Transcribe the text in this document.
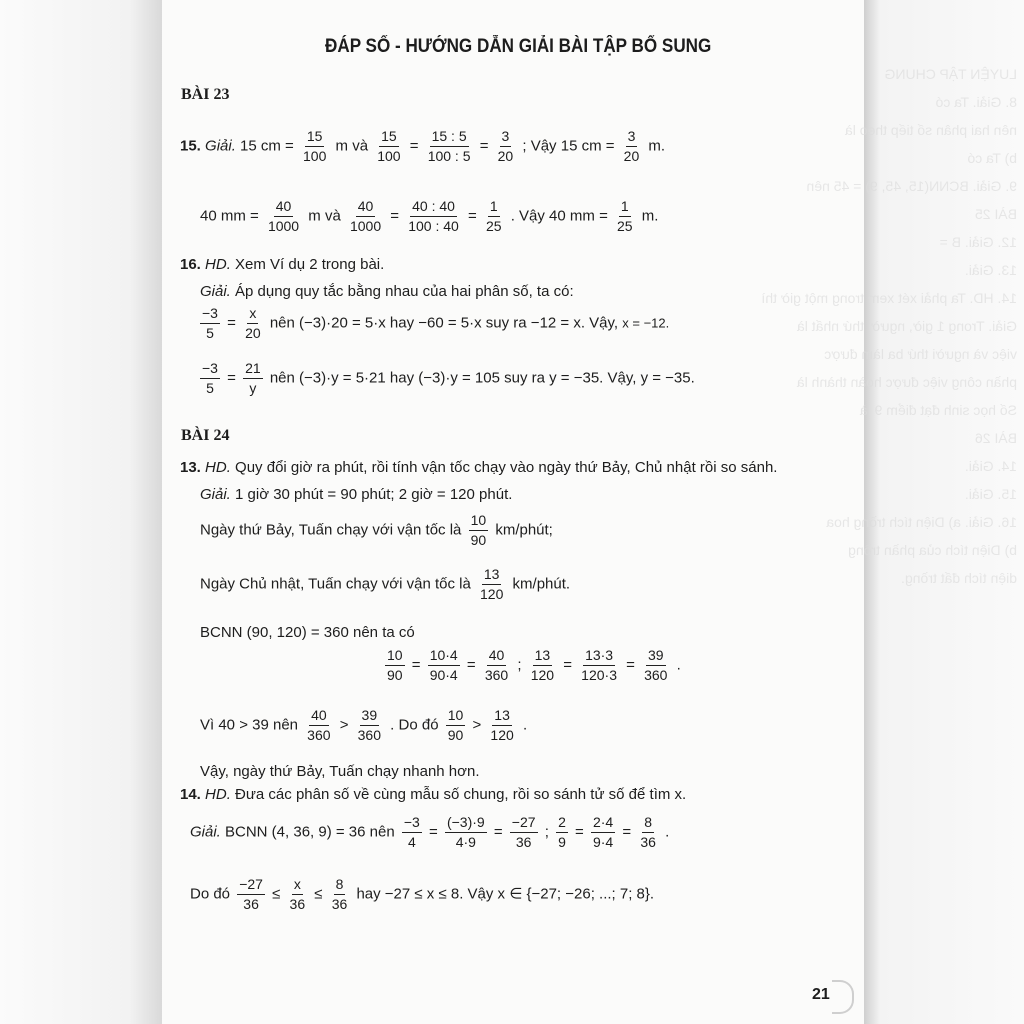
LUYỆN TẬP CHUNG
8. Giải. Ta có
nên hai phân số tiếp theo là
b) Ta có
9. Giải. BCNN(15, 45, 9) = 45 nên
BÀI 25
12. Giải. B =
13. Giải.
14. HD. Ta phải xét xem trong một giờ thì
Giải. Trong 1 giờ, người thứ nhất là
việc và người thứ ba làm được
phần công việc được hoàn thành là
Số học sinh đạt điểm 9 là
BÀI 26
14. Giải.
15. Giải.
16. Giải. a) Diện tích trồng hoa
b) Diện tích của phần trồng
diện tích đất trồng.
ĐÁP SỐ - HƯỚNG DẪN GIẢI BÀI TẬP BỔ SUNG
BÀI 23
15. Giải. 15 cm = $\frac{15}{100}$ m và $\frac{15}{100} = \frac{15 : 5}{100 : 5} = \frac{3}{20}$ ; Vậy 15 cm = $\frac{3}{20} m$.
40 mm = $\frac{40}{1000}$ m và $\frac{40}{1000} = \frac{40 : 40}{100 : 40} = \frac{1}{25}$ . Vậy 40 mm = $\frac{1}{25} m$.
16. HD. Xem Ví dụ 2 trong bài.
Giải. Áp dụng quy tắc bằng nhau của hai phân số, ta có:
$\frac{-3}{5} = \frac{x}{20}$ nên (−3)·20 = 5·x hay −60 = 5·x suy ra −12 = x. Vậy, x = −12.
$\frac{-3}{5} = \frac{21}{y}$ nên (−3)·y = 5·21 hay (−3)·y = 105 suy ra y = −35. Vậy, y = −35.
BÀI 24
13. HD. Quy đổi giờ ra phút, rồi tính vận tốc chạy vào ngày thứ Bảy, Chủ nhật rồi so sánh.
Giải. 1 giờ 30 phút = 90 phút; 2 giờ = 120 phút.
Ngày thứ Bảy, Tuấn chạy với vận tốc là $\frac{10}{90}$ km/phút;
Ngày Chủ nhật, Tuấn chạy với vận tốc là $\frac{13}{120}$ km/phút.
BCNN (90, 120) = 360 nên ta có
$\frac{10}{90} = \frac{10\cdot 4}{90\cdot 4} = \frac{40}{360}$ ; $\frac{13}{120} = \frac{13\cdot 3}{120\cdot 3} = \frac{39}{360}$ .
Vì 40 > 39 nên $\frac{40}{360} > \frac{39}{360}$ . Do đó $\frac{10}{90} > \frac{13}{120}$ .
Vậy, ngày thứ Bảy, Tuấn chạy nhanh hơn.
14. HD. Đưa các phân số về cùng mẫu số chung, rồi so sánh tử số để tìm x.
Giải. BCNN (4, 36, 9) = 36 nên $\frac{-3}{4} = \frac{(-3)\cdot 9}{4\cdot 9} = \frac{-27}{36}$ ; $\frac{2}{9} = \frac{2\cdot 4}{9\cdot 4} = \frac{8}{36}$ .
Do đó $\frac{-27}{36} \le \frac{x}{36} \le \frac{8}{36}$ hay −27 ≤ x ≤ 8. Vậy x ∈ {−27; −26; ...; 7; 8}.
21
